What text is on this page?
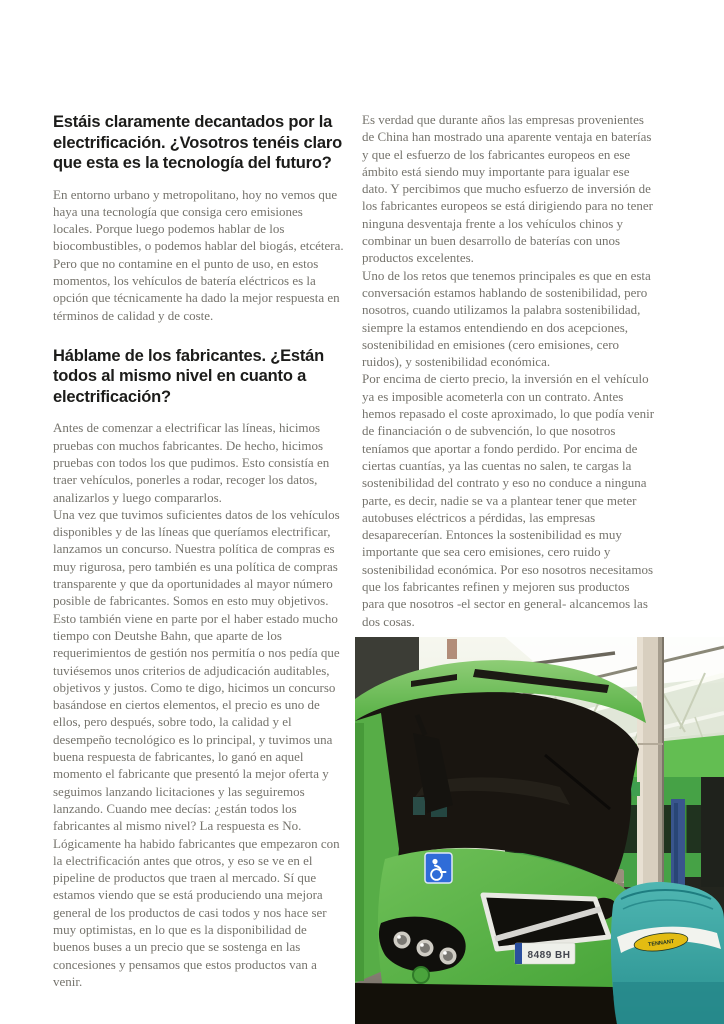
Estáis claramente decantados por la electrificación. ¿Vosotros tenéis claro que esta es la tecnología del futuro?

En entorno urbano y metropolitano, hoy no vemos que haya una tecnología que consiga cero emisiones locales. Porque luego podemos hablar de los biocombustibles, o podemos hablar del biogás, etcétera. Pero que no contamine en el punto de uso, en estos momentos, los vehículos de batería eléctricos es la opción que técnicamente ha dado la mejor respuesta en términos de calidad y de coste.

Háblame de los fabricantes. ¿Están todos al mismo nivel en cuanto a electrificación?

Antes de comenzar a electrificar las líneas, hicimos pruebas con muchos fabricantes. De hecho, hicimos pruebas con todos los que pudimos. Esto consistía en traer vehículos, ponerles a rodar, recoger los datos, analizarlos y luego compararlos.

Una vez que tuvimos suficientes datos de los vehículos disponibles y de las líneas que queríamos electrificar, lanzamos un concurso. Nuestra política de compras es muy rigurosa, pero también es una política de compras transparente y que da oportunidades al mayor número posible de fabricantes. Somos en esto muy objetivos. Esto también viene en parte por el haber estado mucho tiempo con Deutshe Bahn, que aparte de los requerimientos de gestión nos permitía o nos pedía que tuviésemos unos criterios de adjudicación auditables, objetivos y justos. Como te digo, hicimos un concurso basándose en ciertos elementos, el precio es uno de ellos, pero después, sobre todo, la calidad y el desempeño tecnológico es lo principal, y tuvimos una buena respuesta de fabricantes, lo ganó en aquel momento el fabricante que presentó la mejor oferta y seguimos lanzando licitaciones y las seguiremos lanzando. Cuando mee decías: ¿están todos los fabricantes al mismo nivel? La respuesta es No. Lógicamente ha habido fabricantes que empezaron con la electrificación antes que otros, y eso se ve en el pipeline de productos que traen al mercado. Sí que estamos viendo que se está produciendo una mejora general de los productos de casi todos y nos hace ser muy optimistas, en lo que es la disponibilidad de buenos buses a un precio que se sostenga en las concesiones y pensamos que estos productos van a venir.

Es verdad que durante años las empresas provenientes de China han mostrado una aparente ventaja en baterías y que el esfuerzo de los fabricantes europeos en ese ámbito está siendo muy importante para igualar ese dato. Y percibimos que mucho esfuerzo de inversión de los fabricantes europeos se está dirigiendo para no tener ninguna desventaja frente a los vehículos chinos y combinar un buen desarrollo de baterías con unos productos excelentes.

Uno de los retos que tenemos principales es que en esta conversación estamos hablando de sostenibilidad, pero nosotros, cuando utilizamos la palabra sostenibilidad, siempre la estamos entendiendo en dos acepciones, sostenibilidad en emisiones (cero emisiones, cero ruidos), y sostenibilidad económica.

Por encima de cierto precio, la inversión en el vehículo ya es imposible acometerla con un contrato. Antes hemos repasado el coste aproximado, lo que podía venir de financiación o de subvención, lo que nosotros teníamos que aportar a fondo perdido. Por encima de ciertas cuantías, ya las cuentas no salen, te cargas la sostenibilidad del contrato y eso no conduce a ninguna parte, es decir, nadie se va a plantear tener que meter autobuses eléctricos a pérdidas, las empresas desaparecerían. Entonces la sostenibilidad es muy importante que sea cero emisiones, cero ruido y sostenibilidad económica. Por eso nosotros necesitamos que los fabricantes refinen y mejoren sus productos para que nosotros -el sector en general- alcancemos las dos cosas.

8489 BH
TENNANT
